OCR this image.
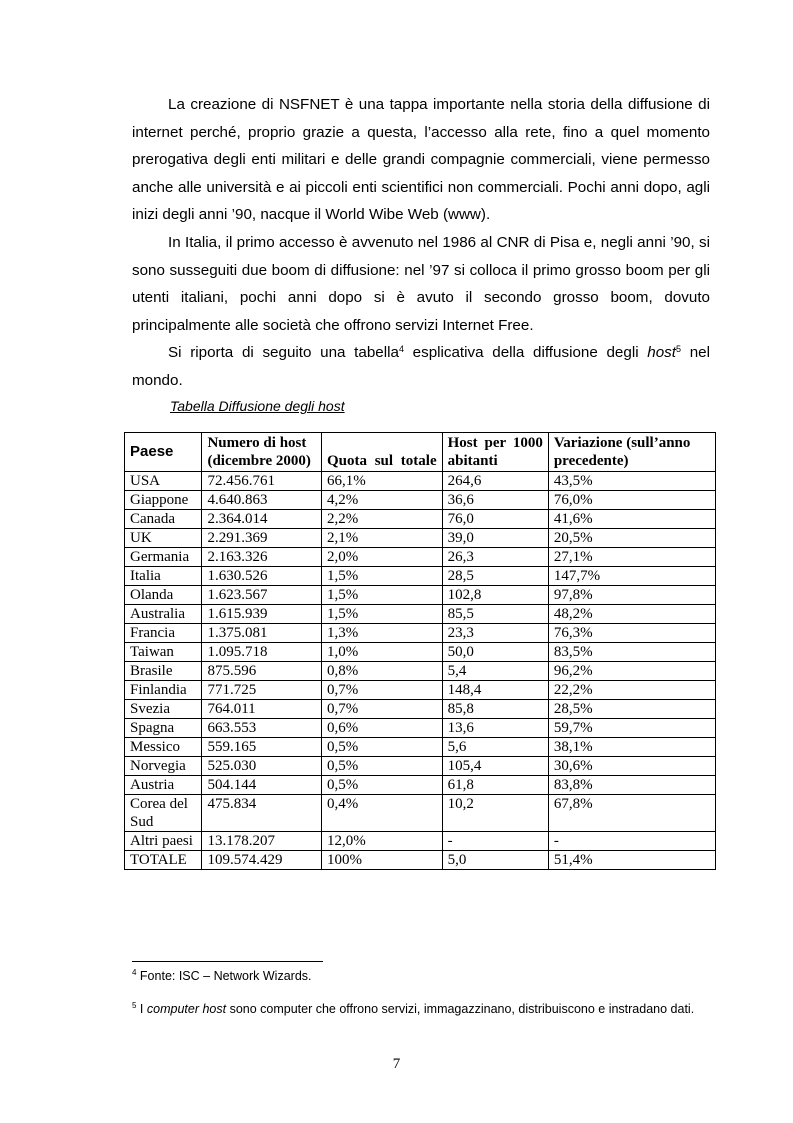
La creazione di NSFNET è una tappa importante nella storia della diffusione di internet perché, proprio grazie a questa, l’accesso alla rete, fino a quel momento prerogativa degli enti militari e delle grandi compagnie commerciali, viene permesso anche alle università e ai piccoli enti scientifici non commerciali. Pochi anni dopo, agli inizi degli anni ’90, nacque il World Wibe Web (www).

In Italia, il primo accesso è avvenuto nel 1986 al CNR di Pisa e, negli anni ’90, si sono susseguiti due boom di diffusione: nel ’97 si colloca il primo grosso boom per gli utenti italiani, pochi anni dopo si è avuto il secondo grosso boom, dovuto principalmente alle società che offrono servizi Internet Free.

Si riporta di seguito una tabella$^4$ esplicativa della diffusione degli host$^5$ nel mondo.

Tabella Diffusione degli host

Paese	Numero di host (dicembre 2000)	Quota sul totale	Host per 1000 abitanti	Variazione (sull’anno precedente)
USA	72.456.761	66,1%	264,6	43,5%
Giappone	4.640.863	4,2%	36,6	76,0%
Canada	2.364.014	2,2%	76,0	41,6%
UK	2.291.369	2,1%	39,0	20,5%
Germania	2.163.326	2,0%	26,3	27,1%
Italia	1.630.526	1,5%	28,5	147,7%
Olanda	1.623.567	1,5%	102,8	97,8%
Australia	1.615.939	1,5%	85,5	48,2%
Francia	1.375.081	1,3%	23,3	76,3%
Taiwan	1.095.718	1,0%	50,0	83,5%
Brasile	875.596	0,8%	5,4	96,2%
Finlandia	771.725	0,7%	148,4	22,2%
Svezia	764.011	0,7%	85,8	28,5%
Spagna	663.553	0,6%	13,6	59,7%
Messico	559.165	0,5%	5,6	38,1%
Norvegia	525.030	0,5%	105,4	30,6%
Austria	504.144	0,5%	61,8	83,8%
Corea del Sud	475.834	0,4%	10,2	67,8%
Altri paesi	13.178.207	12,0%	-	-
TOTALE	109.574.429	100%	5,0	51,4%

$^4$ Fonte: ISC – Network Wizards.

$^5$ I computer host sono computer che offrono servizi, immagazzinano, distribuiscono e instradano dati.

7
